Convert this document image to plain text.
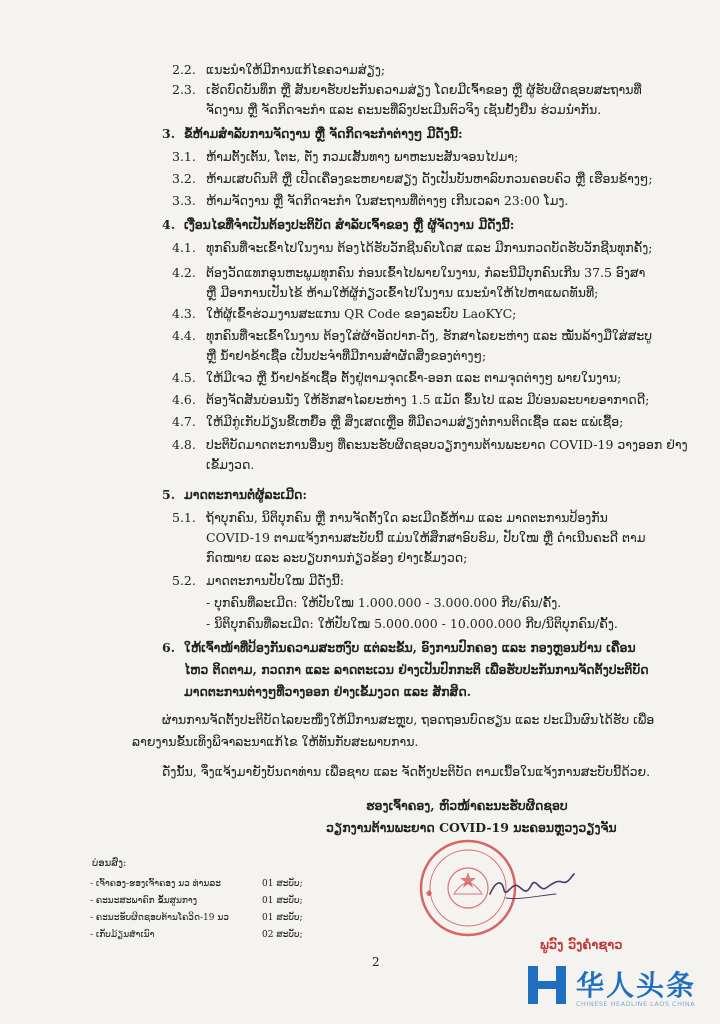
2.2. ແນະນຳໃຫ້ມີການແກ້ໄຂຄວາມສ່ຽງ;
2.3. ເຮັດບົດບັນທຶກ ຫຼື ສັນຍາຮັບປະກັນຄວາມສ່ຽງ ໂດຍມີເຈົ້າຂອງ ຫຼື ຜູ້ຮັບຜິດຊອບສະຖານທີ່
ຈັດງານ ຫຼື ຈັດກິດຈະກຳ ແລະ ຄະນະທີ່ລົງປະເມີນຕົວຈິງ ເຊັນຢັ້ງຢືນ ຮ່ວມນຳກັນ.
3. ຂໍ້ຫ້າມສຳລັບການຈັດງານ ຫຼື ຈັດກິດຈະກຳຕ່າງໆ ມີດັ່ງນີ້:
3.1. ຫ້າມຕັ້ງເຕັ້ນ, ໂຕະ, ຕັ່ງ ກວມເສັ້ນທາງ ພາຫະນະສັນຈອນໄປມາ;
3.2. ຫ້າມເສບດົນຕີ ຫຼື ເປີດເຄື່ອງຂະຫຍາຍສຽງ ດັງເປັນບັນຫາລົບກວນຄອບຄົວ ຫຼື ເຮືອນຂ້າງໆ;
3.3. ຫ້າມຈັດງານ ຫຼື ຈັດກິດຈະກຳ ໃນສະຖານທີ່ຕ່າງໆ ເກີນເວລາ 23:00 ໂມງ.
4. ເງື່ອນໄຂທີ່ຈຳເປັນຕ້ອງປະຕິບັດ ສຳລັບເຈົ້າຂອງ ຫຼື ຜູ້ຈັດງານ ມີດັ່ງນີ້:
4.1. ທຸກຄົນທີ່ຈະເຂົ້າໄປໃນງານ ຕ້ອງໄດ້ຮັບວັກຊີນຄົບໂດສ ແລະ ມີການກວດບັດຮັບວັກຊີນທຸກຄັ້ງ;
4.2. ຕ້ອງວັດແທກອຸນຫະພູມທຸກຄົນ ກ່ອນເຂົ້າໄປພາຍໃນງານ, ກໍລະນີມີບຸກຄົນເກີນ 37.5 ອົງສາ
ຫຼື ມີອາການເປັນໄຂ້ ຫ້າມໃຫ້ຜູ້ກ່ຽວເຂົ້າໄປໃນງານ ແນະນຳໃຫ້ໄປຫາແພດທັນທີ;
4.3. ໃຫ້ຜູ້ເຂົ້າຮ່ວມງານສະແກນ QR Code ຂອງລະບົບ LaoKYC;
4.4. ທຸກຄົນທີ່ຈະເຂົ້າໃນງານ ຕ້ອງໃສ່ຜ້າອັດປາກ-ດັງ, ຮັກສາໄລຍະຫ່າງ ແລະ ໝັ່ນລ້າງມືໃສ່ສະບູ
ຫຼື ນ້ຳຢາຂ້າເຊື້ອ ເປັນປະຈຳທີ່ມີການສຳຜັດສິ່ງຂອງຕ່າງໆ;
4.5. ໃຫ້ມີເຈວ ຫຼື ນ້ຳຢາຂ້າເຊື້ອ ຕັ້ງຢູ່ຕາມຈຸດເຂົ້າ-ອອກ ແລະ ຕາມຈຸດຕ່າງໆ ພາຍໃນງານ;
4.6. ຕ້ອງຈັດສັນບ່ອນນັ່ງ ໃຫ້ຮັກສາໄລຍະຫ່າງ 1.5 ແມັດ ຂຶ້ນໄປ ແລະ ມີບ່ອນລະບາຍອາກາດດີ;
4.7. ໃຫ້ມີກູ່ເກັບມ້ຽນຂີ້ເຫຍື້ອ ຫຼື ສິ່ງເສດເຫຼືອ ທີ່ມີຄວາມສ່ຽງຕໍ່ການຕິດເຊື້ອ ແລະ ແພ່ເຊື້ອ;
4.8. ປະຕິບັດມາດຕະການອື່ນໆ ທີ່ຄະນະຮັບຜິດຊອບວຽກງານຕ້ານພະຍາດ COVID-19 ວາງອອກ ຢ່າງ
ເຂັ້ມງວດ.
5. ມາດຕະການຕໍ່ຜູ້ລະເມີດ:
5.1. ຖ້າບຸກຄົນ, ນິຕິບຸກຄົນ ຫຼື ການຈັດຕັ້ງໃດ ລະເມີດຂໍ້ຫ້າມ ແລະ ມາດຕະການປ້ອງກັນ
COVID-19 ຕາມແຈ້ງການສະບັບນີ້ ແມ່ນໃຫ້ສຶກສາອົບຮົມ, ປັບໃໝ ຫຼື ດຳເນີນຄະດີ ຕາມ
ກົດໝາຍ ແລະ ລະບຽບການກ່ຽວຂ້ອງ ຢ່າງເຂັ້ມງວດ;
5.2. ມາດຕະການປັບໃໝ ມີດັ່ງນີ້:
- ບຸກຄົນທີ່ລະເມີດ: ໃຫ້ປັບໃໝ 1.000.000 - 3.000.000 ກີບ/ຄົນ/ຄັ້ງ.
- ນິຕິບຸກຄົນທີ່ລະເມີດ: ໃຫ້ປັບໃໝ 5.000.000 - 10.000.000 ກີບ/ນິຕິບຸກຄົນ/ຄັ້ງ.
6. ໃຫ້ເຈົ້າໜ້າທີ່ປ້ອງກັນຄວາມສະຫງົບ ແຕ່ລະຂັ້ນ, ອົງການປົກຄອງ ແລະ ກອງຫຼອນບ້ານ ເຄື່ອນ
ໄຫວ ຕິດຕາມ, ກວດກາ ແລະ ລາດຕະເວນ ຢ່າງເປັນປົກກະຕິ ເພື່ອຮັບປະກັນການຈັດຕັ້ງປະຕິບັດ
ມາດຕະການຕ່າງໆທີ່ວາງອອກ ຢ່າງເຂັ້ມງວດ ແລະ ສັກສິດ.
ຜ່ານການຈັດຕັ້ງປະຕິບັດໄລຍະໜຶ່ງໃຫ້ມີການສະຫຼຸບ, ຖອດຖອນບົດຮຽນ ແລະ ປະເມີນຜົນໄດ້ຮັບ ເພື່ອ
ລາຍງານຂັ້ນເທິງພິຈາລະນາແກ້ໄຂ ໃຫ້ທັນກັບສະພາບການ.
ດັ່ງນັ້ນ, ຈຶ່ງແຈ້ງມາຍັງບັນດາທ່ານ ເພື່ອຊາບ ແລະ ຈັດຕັ້ງປະຕິບັດ ຕາມເນື້ອໃນແຈ້ງການສະບັບນີ້ດ້ວຍ.
ຮອງເຈົ້າຄອງ, ຫົວໜ້າຄະນະຮັບຜິດຊອບ
ວຽກງານຕ້ານພະຍາດ COVID-19 ນະຄອນຫຼວງວຽງຈັນ
ບ່ອນສົ່ງ:
- ເຈົ້າຄອງ-ຮອງເຈົ້າຄອງ ນວ ທ່ານລະ	01 ສະບັບ;
- ຄະນະສະພາຄົກ ຂັ້ນສູນກາງ	01 ສະບັບ;
- ຄະນະຮັບຜິດຊອບຕ້ານໂຄວິດ-19 ນວ	01 ສະບັບ;
- ເກັບມ້ຽນສຳເນົາ	02 ສະບັບ;
ພູວົງ ວົງຄຳຊາວ
2
华人头条
CHINESE HEADLINE LAOS CHINA
